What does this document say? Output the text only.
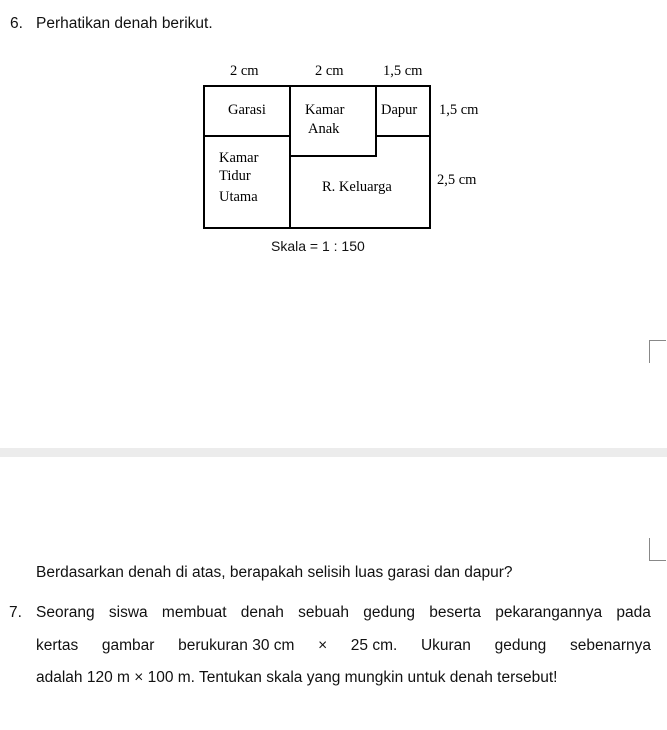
6. Perhatikan denah berikut.
2 cm	2 cm	1,5 cm
Garasi	Kamar
Anak
Dapur
Kamar
Tidur
Utama
R. Keluarga
1,5 cm
2,5 cm
Skala = 1 : 150
Berdasarkan denah di atas, berapakah selisih luas garasi dan dapur?
7. Seorang siswa membuat denah sebuah gedung beserta pekarangannya pada
kertas gambar berukuran 30 cm × 25 cm. Ukuran gedung sebenarnya
adalah 120 m × 100 m. Tentukan skala yang mungkin untuk denah tersebut!
